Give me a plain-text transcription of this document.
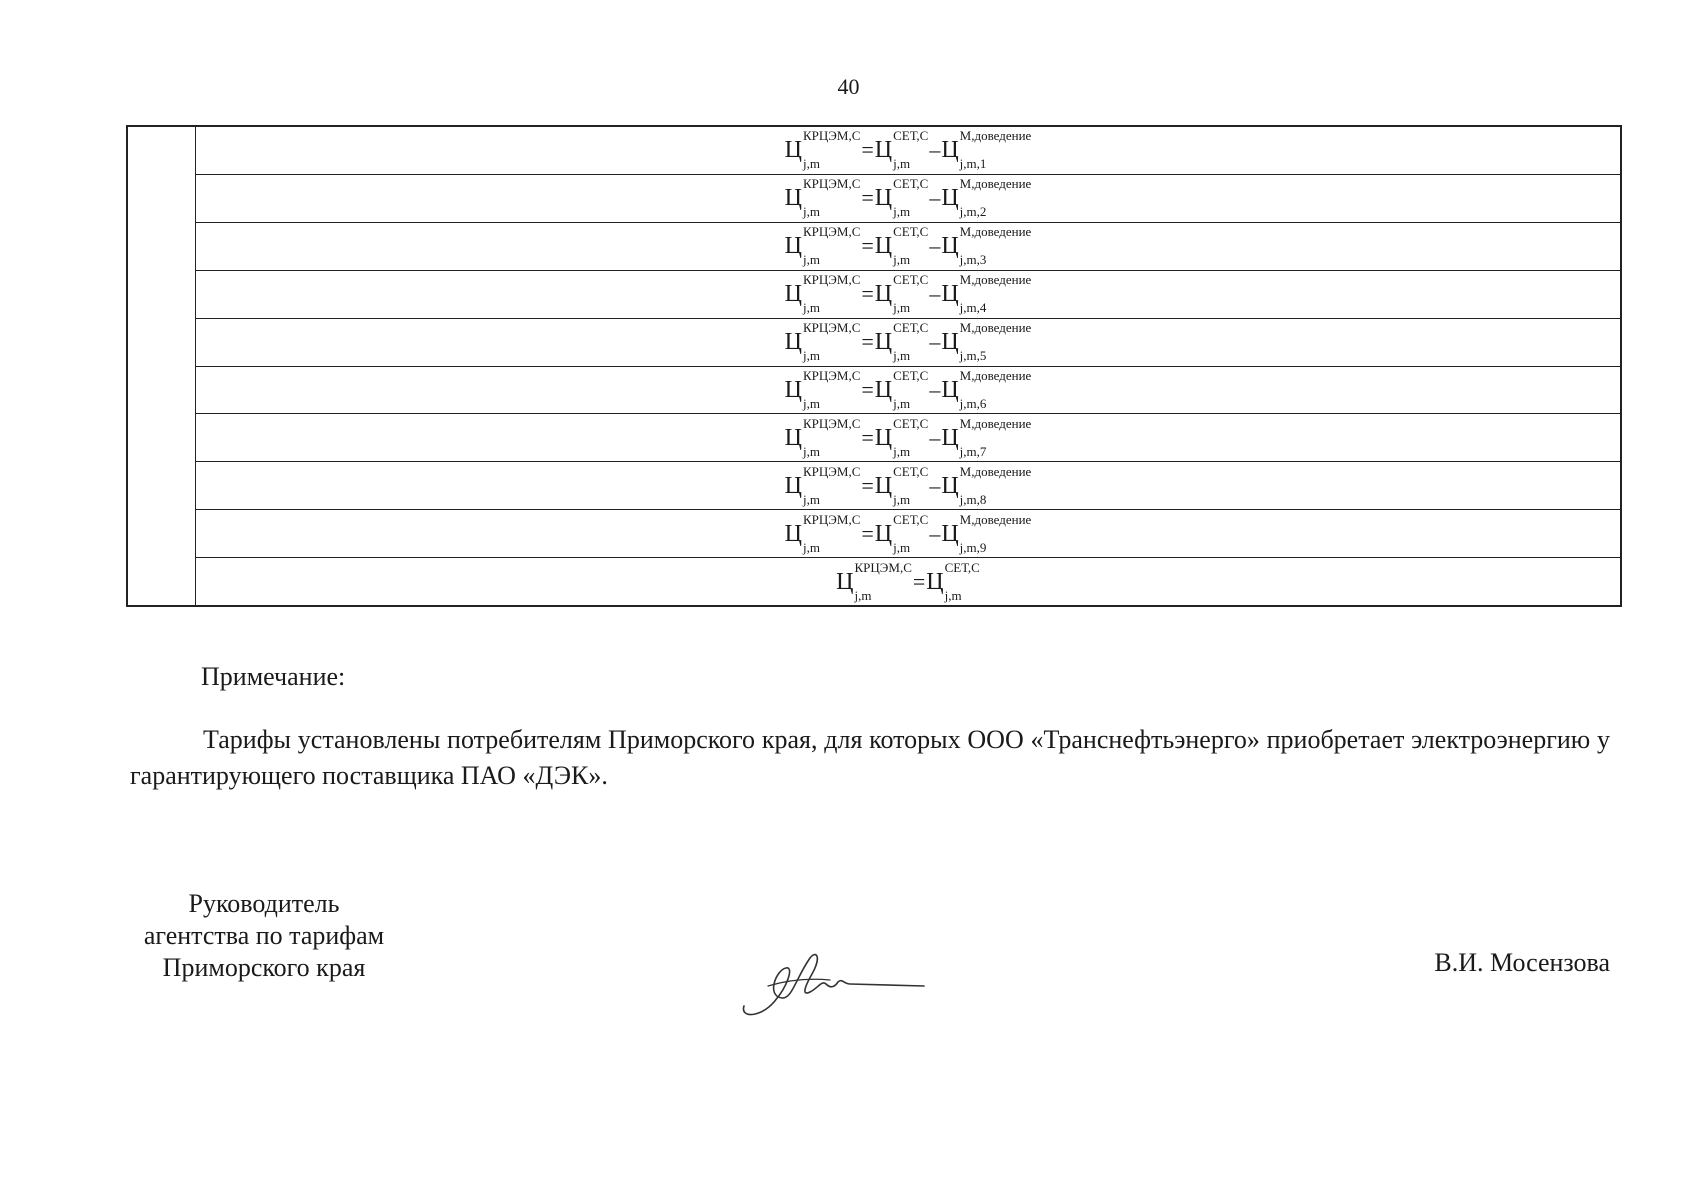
40
Ц
КРЦЭМ,С
j,m
= Ц
СЕТ,С
j,m
– Ц
М,доведение
j,m,1
Ц
КРЦЭМ,С
j,m
= Ц
СЕТ,С
j,m
– Ц
М,доведение
j,m,2
Ц
КРЦЭМ,С
j,m
= Ц
СЕТ,С
j,m
– Ц
М,доведение
j,m,3
Ц
КРЦЭМ,С
j,m
= Ц
СЕТ,С
j,m
– Ц
М,доведение
j,m,4
Ц
КРЦЭМ,С
j,m
= Ц
СЕТ,С
j,m
– Ц
М,доведение
j,m,5
Ц
КРЦЭМ,С
j,m
= Ц
СЕТ,С
j,m
– Ц
М,доведение
j,m,6
Ц
КРЦЭМ,С
j,m
= Ц
СЕТ,С
j,m
– Ц
М,доведение
j,m,7
Ц
КРЦЭМ,С
j,m
= Ц
СЕТ,С
j,m
– Ц
М,доведение
j,m,8
Ц
КРЦЭМ,С
j,m
= Ц
СЕТ,С
j,m
– Ц
М,доведение
j,m,9
Ц
КРЦЭМ,С
j,m
= Ц
СЕТ,С
j,m
Примечание:
Тарифы установлены потребителям Приморского края, для которых ООО «Транснефтьэнерго» приобретает электроэнергию у гарантирующего поставщика ПАО «ДЭК».
Руководитель
агентства по тарифам
Приморского края	В.И. Мосензова
